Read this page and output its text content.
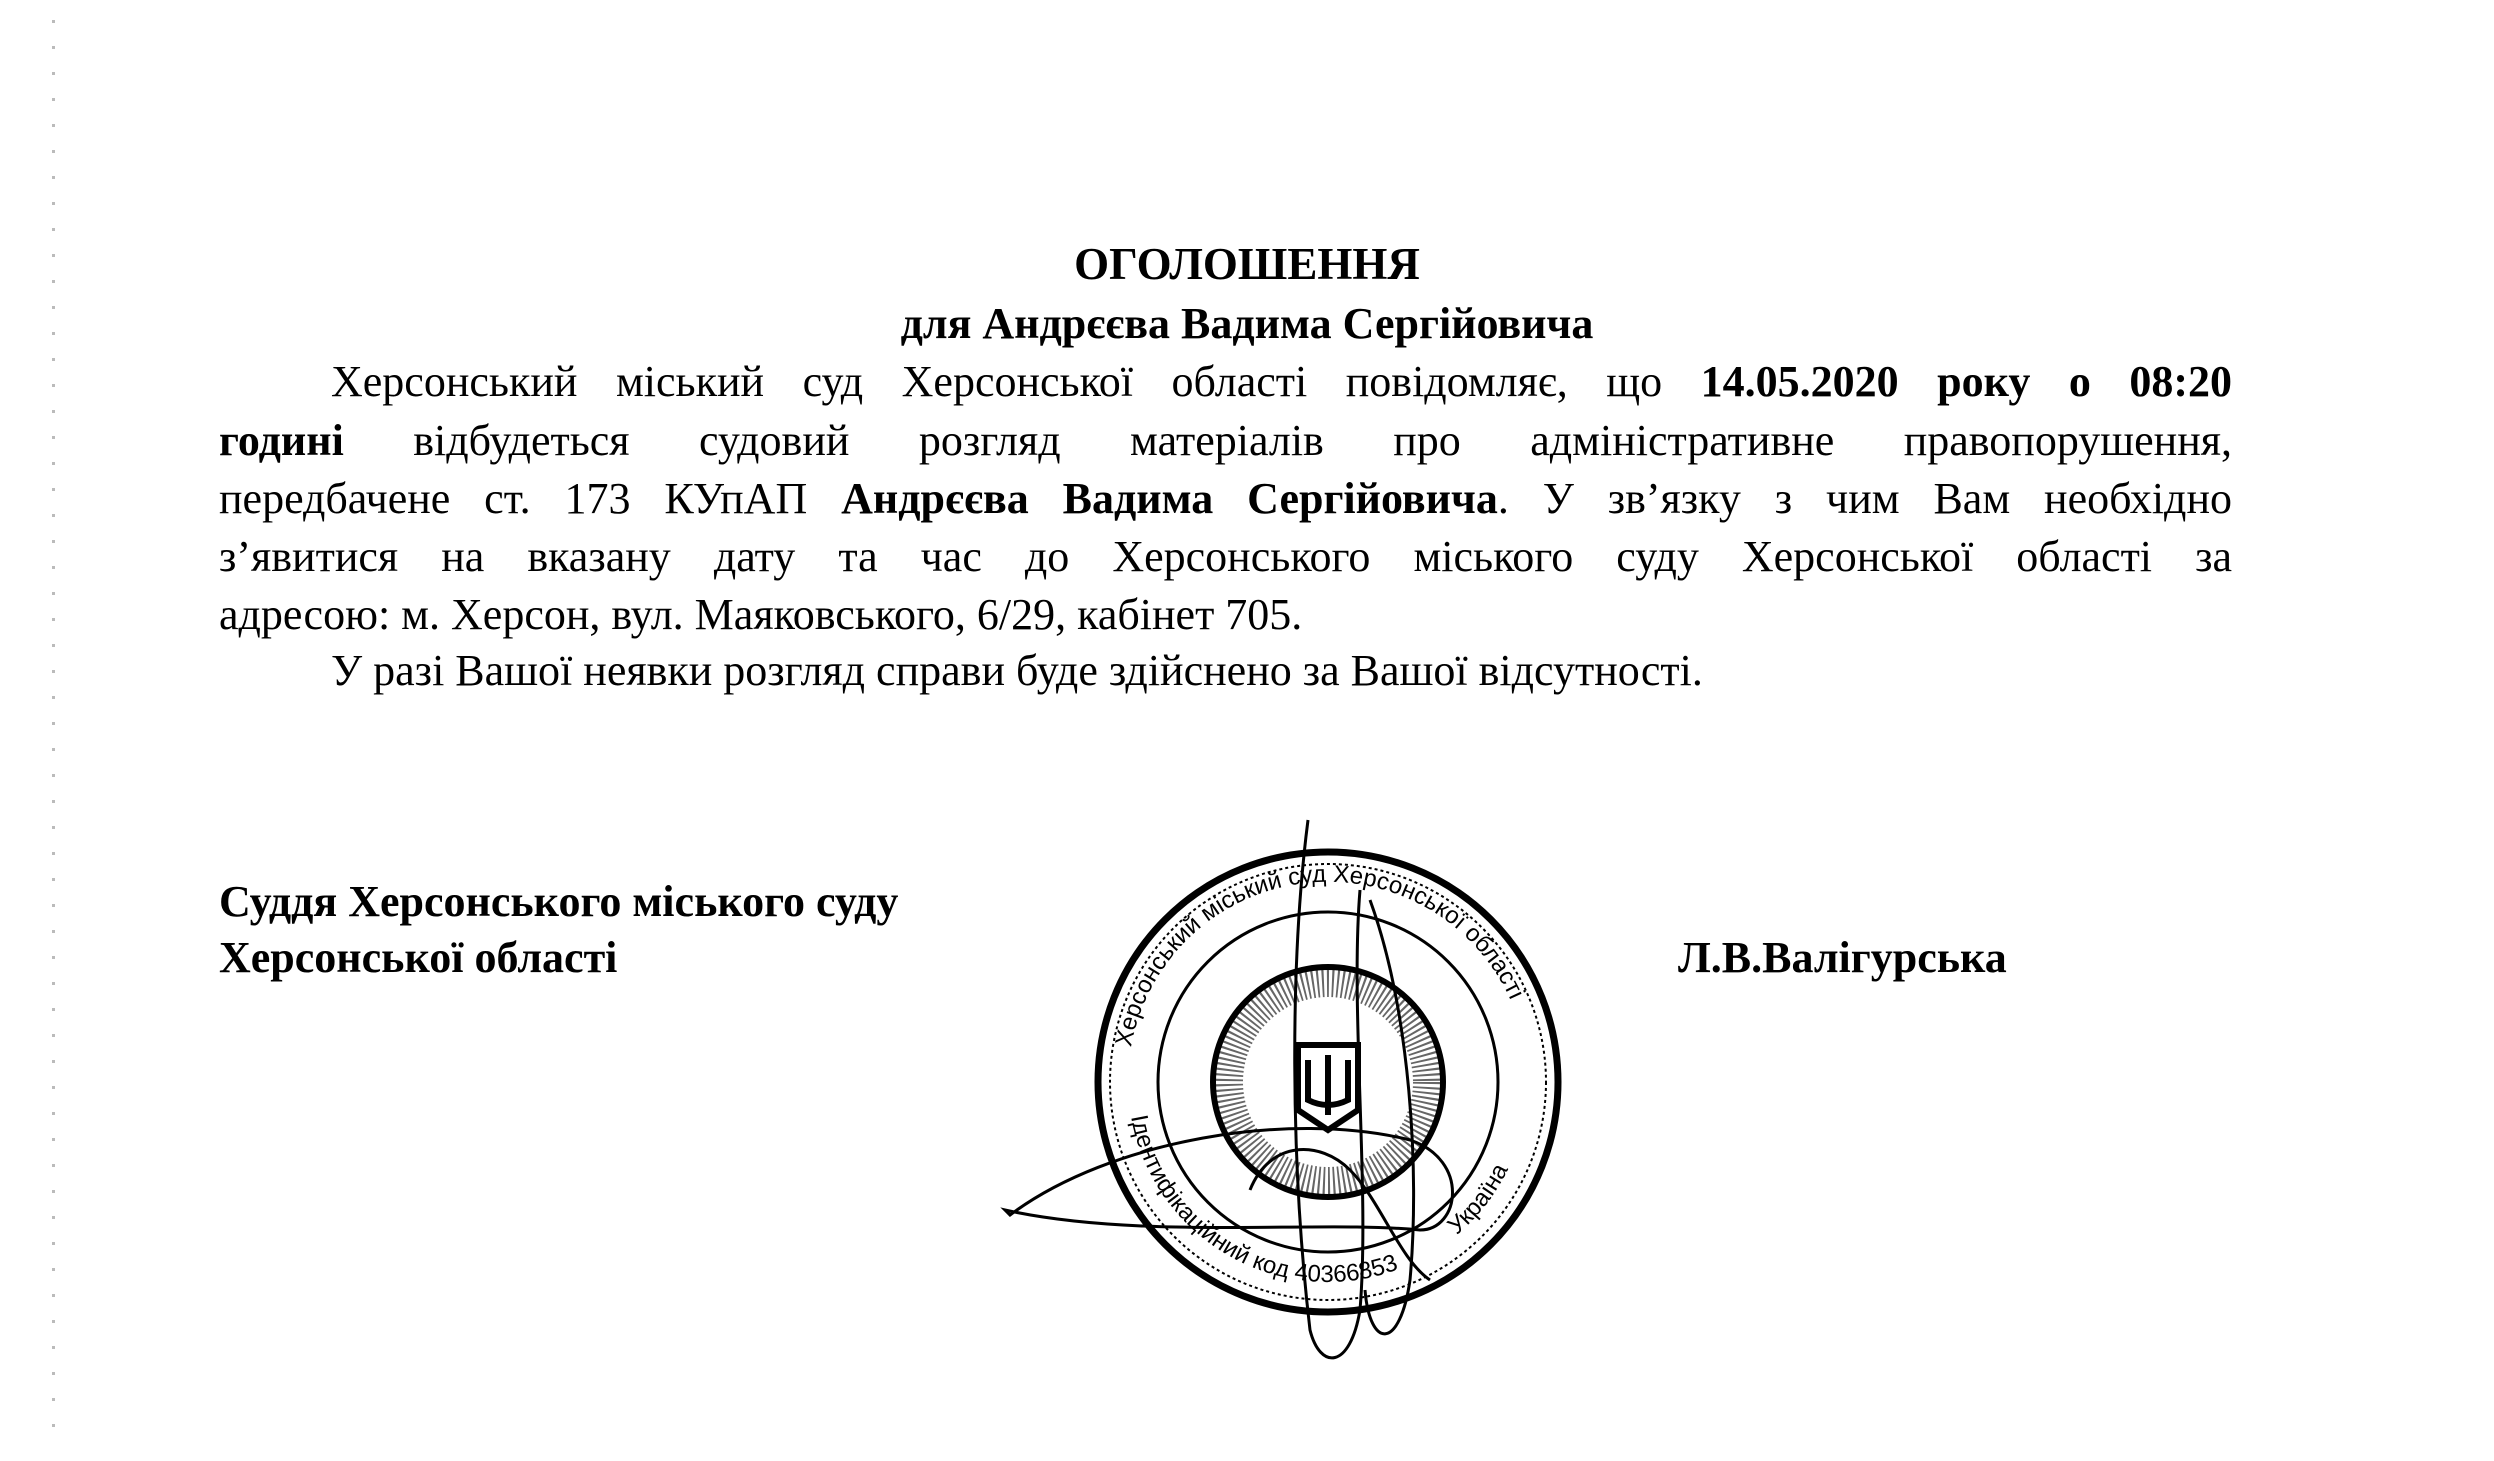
ОГОЛОШЕННЯ
для Андрєєва Вадима Сергійовича
Херсонський міський суд Херсонської області повідомляє, що 14.05.2020 року о 08:20
годині відбудеться судовий розгляд матеріалів про адміністративне правопорушення,
передбачене ст. 173 КУпАП Андрєєва Вадима Сергійовича. У зв’язку з чим Вам необхідно
з’явитися на вказану дату та час до Херсонського міського суду Херсонської області за
адресою: м. Херсон, вул. Маяковського, 6/29, кабінет 705.
У разі Вашої неявки розгляд справи буде здійснено за Вашої відсутності.
Суддя Херсонського міського суду
Херсонської області	Л.В.Валігурська
Херсонський міський суд Херсонської області
Ідентифікаційний код 40366853
Україна
